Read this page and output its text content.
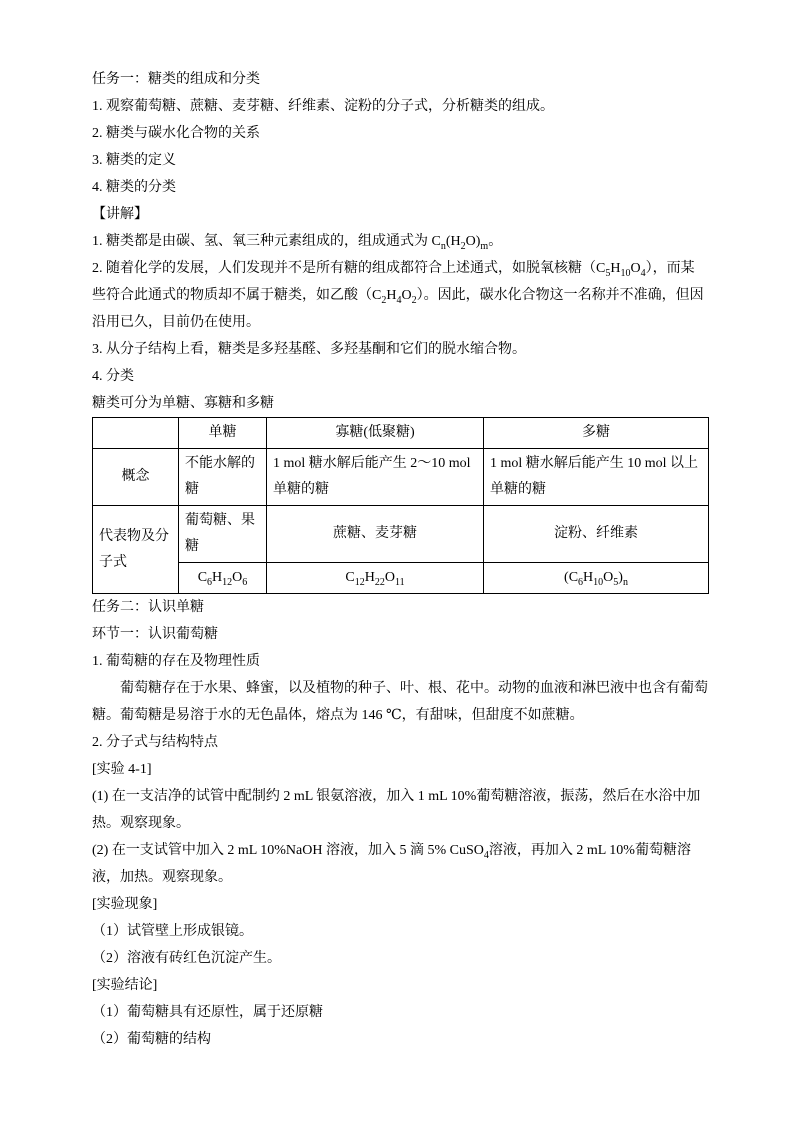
任务一：糖类的组成和分类
1. 观察葡萄糖、蔗糖、麦芽糖、纤维素、淀粉的分子式，分析糖类的组成。
2. 糖类与碳水化合物的关系
3. 糖类的定义
4. 糖类的分类
【讲解】
1. 糖类都是由碳、氢、氧三种元素组成的，组成通式为 $C_n(H_2O)_m$。
2. 随着化学的发展，人们发现并不是所有糖的组成都符合上述通式，如脱氧核糖$(C_5H_{10}O_4)$，而某些符合此通式的物质却不属于糖类，如乙酸$(C_2H_4O_2)$。因此，碳水化合物这一名称并不准确，但因沿用已久，目前仍在使用。
3. 从分子结构上看，糖类是多羟基醛、多羟基酮和它们的脱水缩合物。
4. 分类
糖类可分为单糖、寡糖和多糖
	单糖	寡糖(低聚糖)	多糖
概念	不能水解的糖	1 mol 糖水解后能产生 2～10 mol 单糖的糖	1 mol 糖水解后能产生 10 mol 以上单糖的糖
代表物及分子式	葡萄糖、果糖	蔗糖、麦芽糖	淀粉、纤维素
	$C_6H_{12}O_6$	$C_{12}H_{22}O_{11}$	$(C_6H_{10}O_5)_n$
任务二：认识单糖
环节一：认识葡萄糖
1. 葡萄糖的存在及物理性质
葡萄糖存在于水果、蜂蜜，以及植物的种子、叶、根、花中。动物的血液和淋巴液中也含有葡萄糖。葡萄糖是易溶于水的无色晶体，熔点为 146 ℃，有甜味，但甜度不如蔗糖。
2. 分子式与结构特点
[实验 4-1]
(1) 在一支洁净的试管中配制约 2 mL 银氨溶液，加入 1 mL 10%葡萄糖溶液，振荡，然后在水浴中加热。观察现象。
(2) 在一支试管中加入 2 mL 10%NaOH 溶液，加入 5 滴 5% CuSO$_4$溶液，再加入 2 mL 10%葡萄糖溶液，加热。观察现象。
[实验现象]
（1）试管壁上形成银镜。
（2）溶液有砖红色沉淀产生。
[实验结论]
（1）葡萄糖具有还原性，属于还原糖
（2）葡萄糖的结构
